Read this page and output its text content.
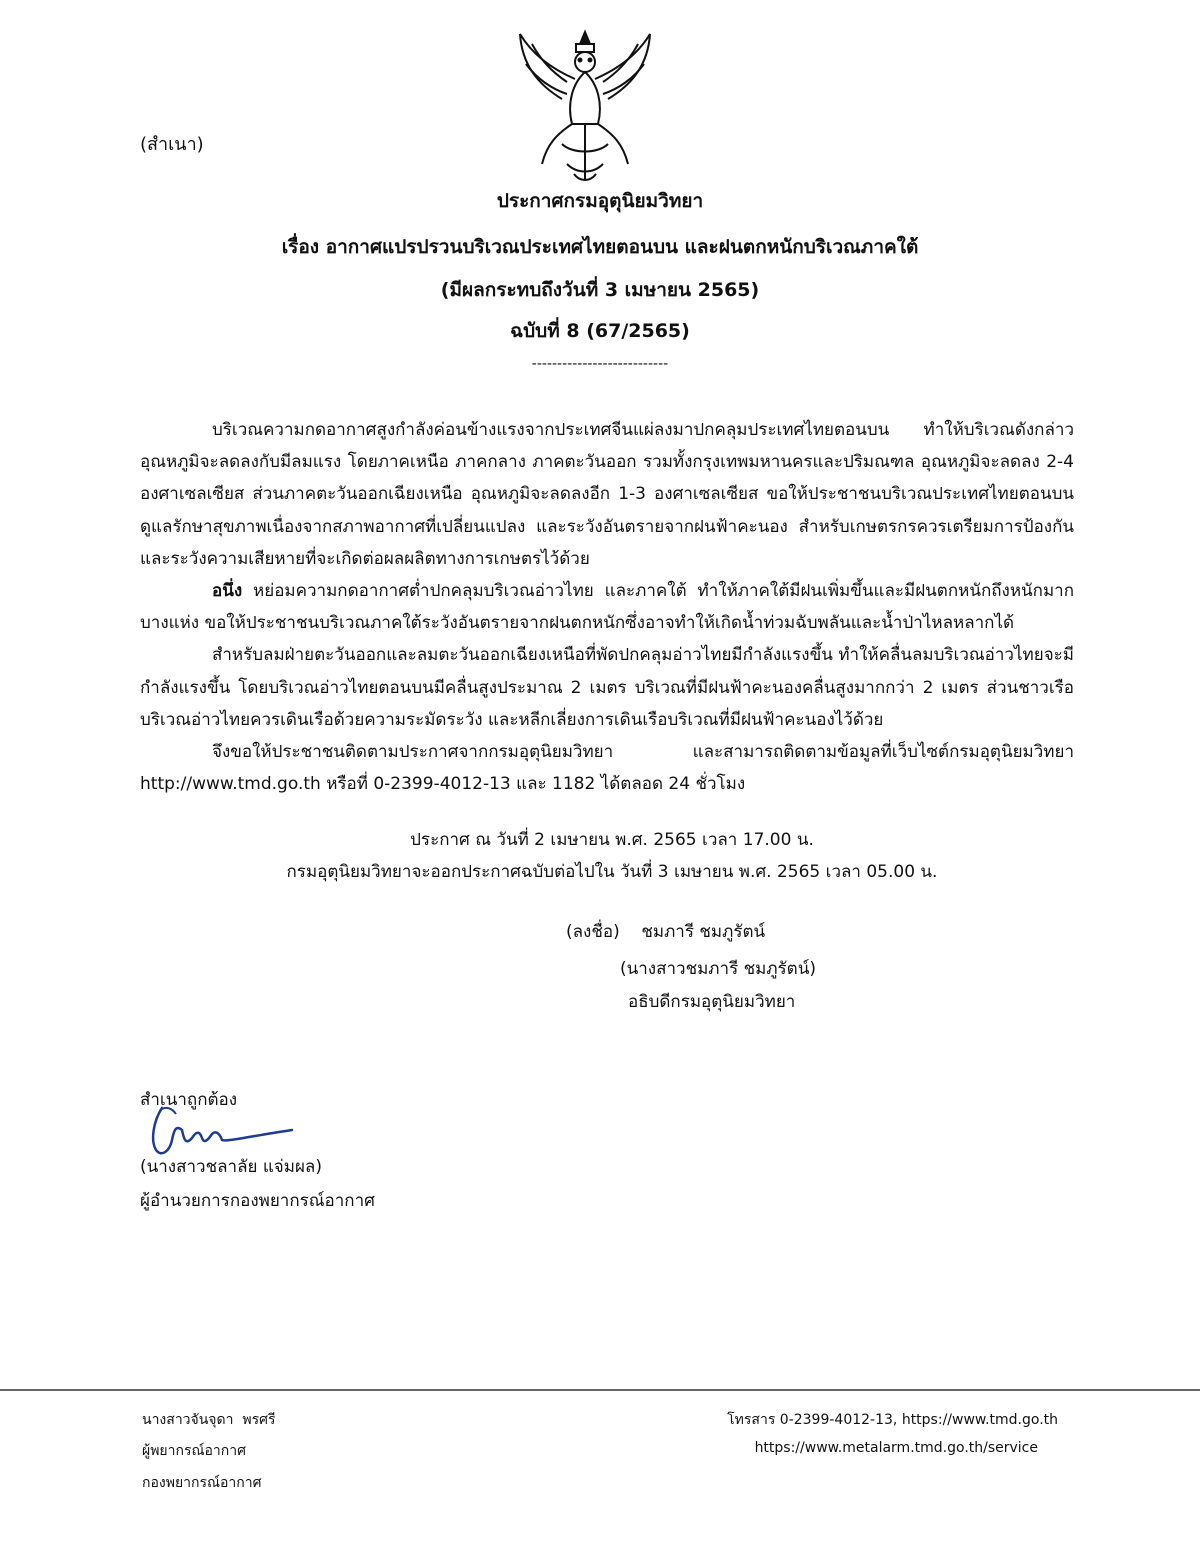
(สำเนา)
ประกาศกรมอุตุนิยมวิทยา
เรื่อง อากาศแปรปรวนบริเวณประเทศไทยตอนบน และฝนตกหนักบริเวณภาคใต้
(มีผลกระทบถึงวันที่ 3 เมษายน 2565)
ฉบับที่ 8 (67/2565)
---------------------------

บริเวณความกดอากาศสูงกำลังค่อนข้างแรงจากประเทศจีนแผ่ลงมาปกคลุมประเทศไทยตอนบน ทำให้บริเวณดังกล่าวอุณหภูมิจะลดลงกับมีลมแรง โดยภาคเหนือ ภาคกลาง ภาคตะวันออก รวมทั้งกรุงเทพมหานครและปริมณฑล อุณหภูมิจะลดลง 2-4 องศาเซลเซียส ส่วนภาคตะวันออกเฉียงเหนือ อุณหภูมิจะลดลงอีก 1-3 องศาเซลเซียส ขอให้ประชาชนบริเวณประเทศไทยตอนบนดูแลรักษาสุขภาพเนื่องจากสภาพอากาศที่เปลี่ยนแปลง และระวังอันตรายจากฝนฟ้าคะนอง สำหรับเกษตรกรควรเตรียมการป้องกันและระวังความเสียหายที่จะเกิดต่อผลผลิตทางการเกษตรไว้ด้วย

อนึ่ง หย่อมความกดอากาศต่ำปกคลุมบริเวณอ่าวไทย และภาคใต้ ทำให้ภาคใต้มีฝนเพิ่มขึ้นและมีฝนตกหนักถึงหนักมากบางแห่ง ขอให้ประชาชนบริเวณภาคใต้ระวังอันตรายจากฝนตกหนักซึ่งอาจทำให้เกิดน้ำท่วมฉับพลันและน้ำป่าไหลหลากได้

สำหรับลมฝ่ายตะวันออกและลมตะวันออกเฉียงเหนือที่พัดปกคลุมอ่าวไทยมีกำลังแรงขึ้น ทำให้คลื่นลมบริเวณอ่าวไทยจะมีกำลังแรงขึ้น โดยบริเวณอ่าวไทยตอนบนมีคลื่นสูงประมาณ 2 เมตร บริเวณที่มีฝนฟ้าคะนองคลื่นสูงมากกว่า 2 เมตร ส่วนชาวเรือบริเวณอ่าวไทยควรเดินเรือด้วยความระมัดระวัง และหลีกเลี่ยงการเดินเรือบริเวณที่มีฝนฟ้าคะนองไว้ด้วย

จึงขอให้ประชาชนติดตามประกาศจากกรมอุตุนิยมวิทยา และสามารถติดตามข้อมูลที่เว็บไซต์กรมอุตุนิยมวิทยา http://www.tmd.go.th หรือที่ 0-2399-4012-13 และ 1182 ได้ตลอด 24 ชั่วโมง

ประกาศ ณ วันที่ 2 เมษายน พ.ศ. 2565 เวลา 17.00 น.
กรมอุตุนิยมวิทยาจะออกประกาศฉบับต่อไปใน วันที่ 3 เมษายน พ.ศ. 2565 เวลา 05.00 น.
(ลงชื่อ)    ชมภารี ชมภูรัตน์
(นางสาวชมภารี ชมภูรัตน์)
อธิบดีกรมอุตุนิยมวิทยา
สำเนาถูกต้อง
(นางสาวชลาลัย แจ่มผล)
ผู้อำนวยการกองพยากรณ์อากาศ
นางสาวจันจุดา  พรศรี
ผู้พยากรณ์อากาศ
กองพยากรณ์อากาศ
โทรสาร 0-2399-4012-13, https://www.tmd.go.th
https://www.metalarm.tmd.go.th/service
